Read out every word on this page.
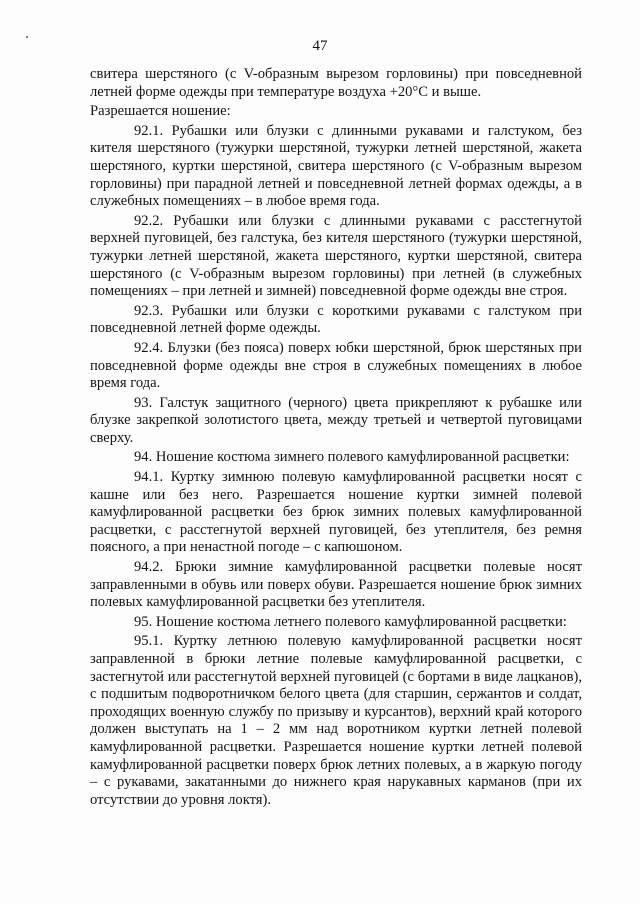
47

свитера шерстяного (с V-образным вырезом горловины) при повседневной летней форме одежды при температуре воздуха +20°С и выше.

Разрешается ношение:

92.1. Рубашки или блузки с длинными рукавами и галстуком, без кителя шерстяного (тужурки шерстяной, тужурки летней шерстяной, жакета шерстяного, куртки шерстяной, свитера шерстяного (с V-образным вырезом горловины) при парадной летней и повседневной летней формах одежды, а в служебных помещениях – в любое время года.

92.2. Рубашки или блузки с длинными рукавами с расстегнутой верхней пуговицей, без галстука, без кителя шерстяного (тужурки шерстяной, тужурки летней шерстяной, жакета шерстяного, куртки шерстяной, свитера шерстяного (с V-образным вырезом горловины) при летней (в служебных помещениях – при летней и зимней) повседневной форме одежды вне строя.

92.3. Рубашки или блузки с короткими рукавами с галстуком при повседневной летней форме одежды.

92.4. Блузки (без пояса) поверх юбки шерстяной, брюк шерстяных при повседневной форме одежды вне строя в служебных помещениях в любое время года.

93. Галстук защитного (черного) цвета прикрепляют к рубашке или блузке закрепкой золотистого цвета, между третьей и четвертой пуговицами сверху.

94. Ношение костюма зимнего полевого камуфлированной расцветки:

94.1. Куртку зимнюю полевую камуфлированной расцветки носят с кашне или без него. Разрешается ношение куртки зимней полевой камуфлированной расцветки без брюк зимних полевых камуфлированной расцветки, с расстегнутой верхней пуговицей, без утеплителя, без ремня поясного, а при ненастной погоде – с капюшоном.

94.2. Брюки зимние камуфлированной расцветки полевые носят заправленными в обувь или поверх обуви. Разрешается ношение брюк зимних полевых камуфлированной расцветки без утеплителя.

95. Ношение костюма летнего полевого камуфлированной расцветки:

95.1. Куртку летнюю полевую камуфлированной расцветки носят заправленной в брюки летние полевые камуфлированной расцветки, с застегнутой или расстегнутой верхней пуговицей (с бортами в виде лацканов), с подшитым подворотничком белого цвета (для старшин, сержантов и солдат, проходящих военную службу по призыву и курсантов), верхний край которого должен выступать на 1 – 2 мм над воротником куртки летней полевой камуфлированной расцветки. Разрешается ношение куртки летней полевой камуфлированной расцветки поверх брюк летних полевых, а в жаркую погоду – с рукавами, закатанными до нижнего края нарукавных карманов (при их отсутствии до уровня локтя).
